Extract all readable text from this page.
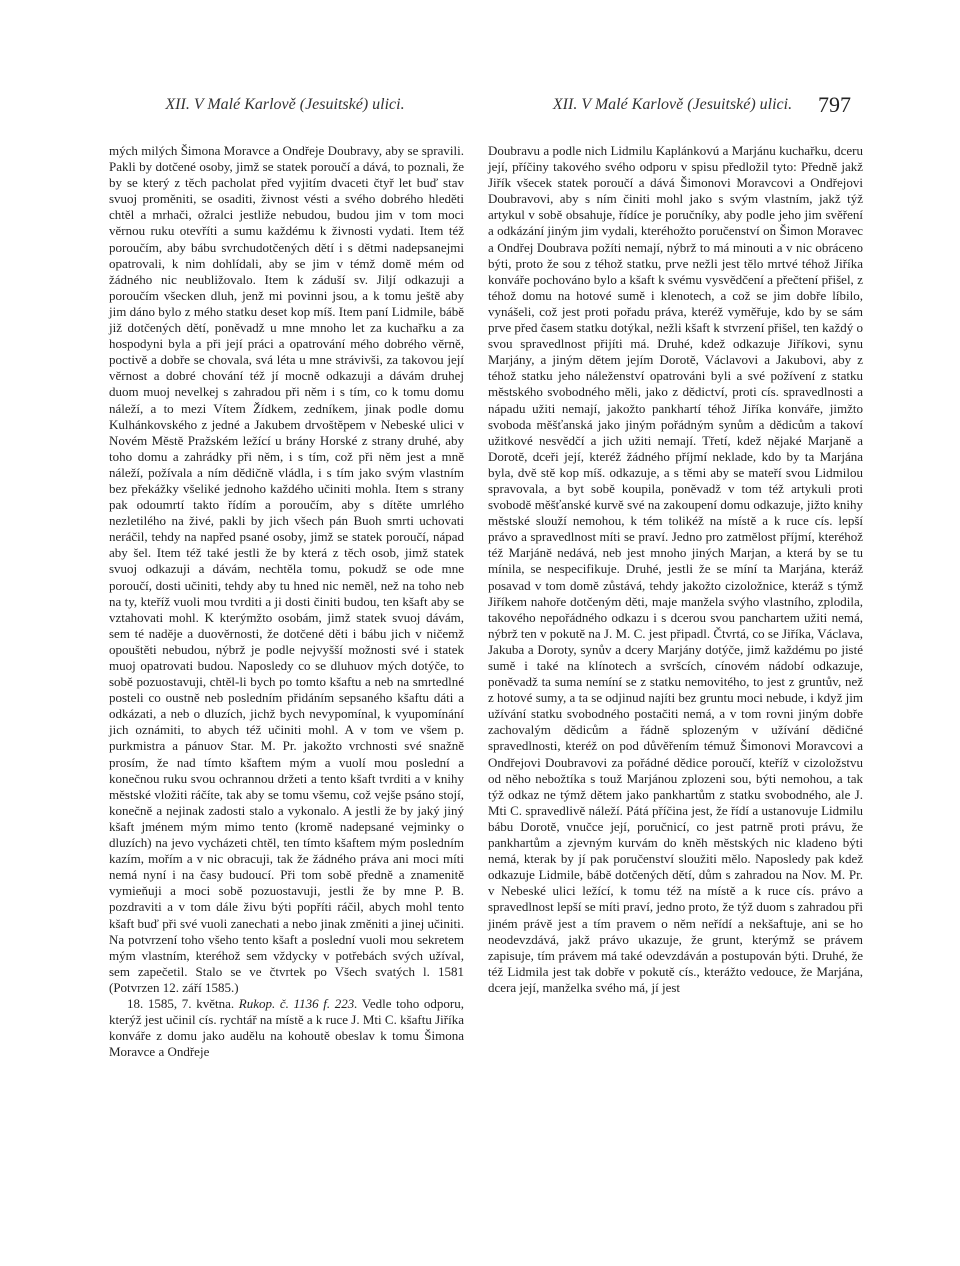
XII. V Malé Karlově (Jesuitské) ulici.	XII. V Malé Karlově (Jesuitské) ulici.	797

mých milých Šimona Moravce a Ondřeje Doubravy, aby se spravili. Pakli by dotčené osoby, jimž se statek poroučí a dává, to poznali, že by se který z těch pacholat před vyjitím dvaceti čtyř let buď stav svuoj proměniti, se osaditi, živnost vésti a svého dobrého hleděti chtěl a mrhači, ožralci jestliže nebudou, budou jim v tom moci věrnou ruku otevříti a sumu každému k živnosti vydati. Item též poroučím, aby bábu svrchudotčených dětí i s dětmi nadepsanejmi opatrovali, k nim dohlídali, aby se jim v témž domě mém od žádného nic neubližovalo. Item k záduší sv. Jiljí odkazuji a poroučím všecken dluh, jenž mi povinni jsou, a k tomu ještě aby jim dáno bylo z mého statku deset kop míš. Item paní Lidmile, bábě již dotčených dětí, poněvadž u mne mnoho let za kuchařku a za hospodyni byla a při její práci a opatrování mého dobrého věrně, poctivě a dobře se chovala, svá léta u mne strávivši, za takovou její věrnost a dobré chování též jí mocně odkazuji a dávám druhej duom muoj nevelkej s zahradou při něm i s tím, co k tomu domu náleží, a to mezi Vítem Žídkem, zedníkem, jinak podle domu Kulhánkovského z jedné a Jakubem drvoštěpem v Nebeské ulici v Novém Městě Pražském ležící u brány Horské z strany druhé, aby toho domu a zahrádky při něm, i s tím, což při něm jest a mně náleží, požívala a ním dědičně vládla, i s tím jako svým vlastním bez překážky všeliké jednoho každého učiniti mohla. Item s strany pak odoumrtí takto řídím a poroučím, aby s dítěte umrlého nezletilého na živé, pakli by jich všech pán Buoh smrti uchovati neráčil, tehdy na napřed psané osoby, jimž se statek poroučí, nápad aby šel. Item též také jestli že by která z těch osob, jimž statek svuoj odkazuji a dávám, nechtěla tomu, pokudž se ode mne poroučí, dosti učiniti, tehdy aby tu hned nic neměl, než na toho neb na ty, kteříž vuoli mou tvrditi a ji dosti činiti budou, ten kšaft aby se vztahovati mohl. K kterýmžto osobám, jimž statek svuoj dávám, sem té naděje a duověrnosti, že dotčené děti i bábu jich v ničemž opouštěti nebudou, nýbrž je podle nejvyšší možnosti své i statek muoj opatrovati budou. Naposledy co se dluhuov mých dotýče, to sobě pozuostavuji, chtěl-li bych po tomto kšaftu a neb na smrtedlné posteli co oustně neb posledním přidáním sepsaného kšaftu dáti a odkázati, a neb o dluzích, jichž bych nevypomínal, k vyupomínání jich oznámiti, to abych též učiniti mohl. A v tom ve všem p. purkmistra a pánuov Star. M. Pr. jakožto vrchnosti své snažně prosím, že nad tímto kšaftem mým a vuolí mou poslední a konečnou ruku svou ochrannou držeti a tento kšaft tvrditi a v knihy městské vložiti ráčíte, tak aby se tomu všemu, což vejše psáno stojí, konečně a nejinak zadosti stalo a vykonalo. A jestli že by jaký jiný kšaft jménem mým mimo tento (kromě nadepsané vejminky o dluzích) na jevo vycházeti chtěl, ten tímto kšaftem mým posledním kazím, mořím a v nic obracuji, tak že žádného práva ani moci míti nemá nyní i na časy budoucí. Při tom sobě předně a znamenitě vymieňuji a moci sobě pozuostavuji, jestli že by mne P. B. pozdraviti a v tom dále živu býti popříti ráčil, abych mohl tento kšaft buď při své vuoli zanechati a nebo jinak změniti a jinej učiniti. Na potvrzení toho všeho tento kšaft a poslední vuoli mou sekretem mým vlastním, kteréhož sem vždycky v potřebách svých užíval, sem zapečetil. Stalo se ve čtvrtek po Všech svatých l. 1581 (Potvrzen 12. září 1585.)

18. 1585, 7. května. Rukop. č. 1136 f. 223. Vedle toho odporu, kterýž jest učinil cís. rychtář na místě a k ruce J. Mti C. kšaftu Jiříka konváře z domu jako audělu na kohoutě obeslav k tomu Šimona Moravce a Ondřeje

Doubravu a podle nich Lidmilu Kaplánkovú a Marjánu kuchařku, dceru její, příčiny takového svého odporu v spisu předložil tyto: Předně jakž Jiřík všecek statek poroučí a dává Šimonovi Moravcovi a Ondřejovi Doubravovi, aby s ním činiti mohl jako s svým vlastním, jakž týž artykul v sobě obsahuje, řídíce je poručníky, aby podle jeho jim svěření a odkázání jiným jim vydali, kteréhožto poručenství on Šimon Moravec a Ondřej Doubrava požíti nemají, nýbrž to má minouti a v nic obráceno býti, proto že sou z téhož statku, prve nežli jest tělo mrtvé téhož Jiříka konváře pochováno bylo a kšaft k svému vysvědčení a přečtení přišel, z téhož domu na hotové sumě i klenotech, a což se jim dobře líbilo, vynášeli, což jest proti pořadu práva, kteréž vyměřuje, kdo by se sám prve před časem statku dotýkal, nežli kšaft k stvrzení přišel, ten každý o svou spravedlnost přijíti má. Druhé, kdež odkazuje Jiříkovi, synu Marjány, a jiným dětem jejím Dorotě, Václavovi a Jakubovi, aby z téhož statku jeho náleženství opatrováni byli a své požívení z statku městského svobodného měli, jako z dědictví, proti cís. spravedlnosti a nápadu užiti nemají, jakožto pankhartí téhož Jiříka konváře, jimžto svoboda měšťanská jako jiným pořádným synům a dědicům a takoví užitkové nesvědčí a jich užiti nemají. Třetí, kdež nějaké Marjaně a Dorotě, dceři její, kteréž žádného příjmí neklade, kdo by ta Marjána byla, dvě stě kop míš. odkazuje, a s těmi aby se mateří svou Lidmilou spravovala, a byt sobě koupila, poněvadž v tom též artykuli proti svobodě měšťanské kurvě své na zakoupení domu odkazuje, jižto knihy městské slouží nemohou, k tém tolikéž na místě a k ruce cís. lepší právo a spravedlnost míti se praví. Jedno pro zatmělost příjmí, kteréhož též Marjáně nedává, neb jest mnoho jiných Marjan, a která by se tu mínila, se nespecifikuje. Druhé, jestli že se míní ta Marjána, kteráž posavad v tom domě zůstává, tehdy jakožto cizoložnice, kteráž s týmž Jiříkem nahoře dotčeným děti, maje manžela svýho vlastního, zplodila, takového nepořádného odkazu i s dcerou svou panchartem užiti nemá, nýbrž ten v pokutě na J. M. C. jest připadl. Čtvrtá, co se Jiříka, Václava, Jakuba a Doroty, synův a dcery Marjány dotýče, jimž každému po jisté sumě i také na klínotech a svršcích, cínovém nádobí odkazuje, poněvadž ta suma nemíní se z statku nemovitého, to jest z gruntův, než z hotové sumy, a ta se odjinud najíti bez gruntu moci nebude, i když jim užívání statku svobodného postačiti nemá, a v tom rovni jiným dobře zachovalým dědicům a řádně splozeným v užívání dědičné spravedlnosti, kteréž on pod důvěřením témuž Šimonovi Moravcovi a Ondřejovi Doubravovi za pořádné dědice poroučí, kteříž v cizoložstvu od něho nebožtíka s touž Marjánou zplozeni sou, býti nemohou, a tak týž odkaz ne týmž dětem jako pankhartům z statku svobodného, ale J. Mti C. spravedlivě náleží. Pátá příčina jest, že řídí a ustanovuje Lidmilu bábu Dorotě, vnučce její, poručnicí, co jest patrně proti právu, že pankhartům a zjevným kurvám do kněh městských nic kladeno býti nemá, kterak by jí pak poručenství sloužiti mělo. Naposledy pak kdež odkazuje Lidmile, bábě dotčených dětí, dům s zahradou na Nov. M. Pr. v Nebeské ulici ležící, k tomu též na místě a k ruce cís. právo a spravedlnost lepší se míti praví, jedno proto, že týž duom s zahradou při jiném právě jest a tím pravem o něm neřídí a nekšaftuje, ani se ho neodevzdává, jakž právo ukazuje, že grunt, kterýmž se právem zapisuje, tím právem má také odevzdáván a postupován býti. Druhé, že též Lidmila jest tak dobře v pokutě cís., kterážto vedouce, že Marjána, dcera její, manželka svého má, jí jest
